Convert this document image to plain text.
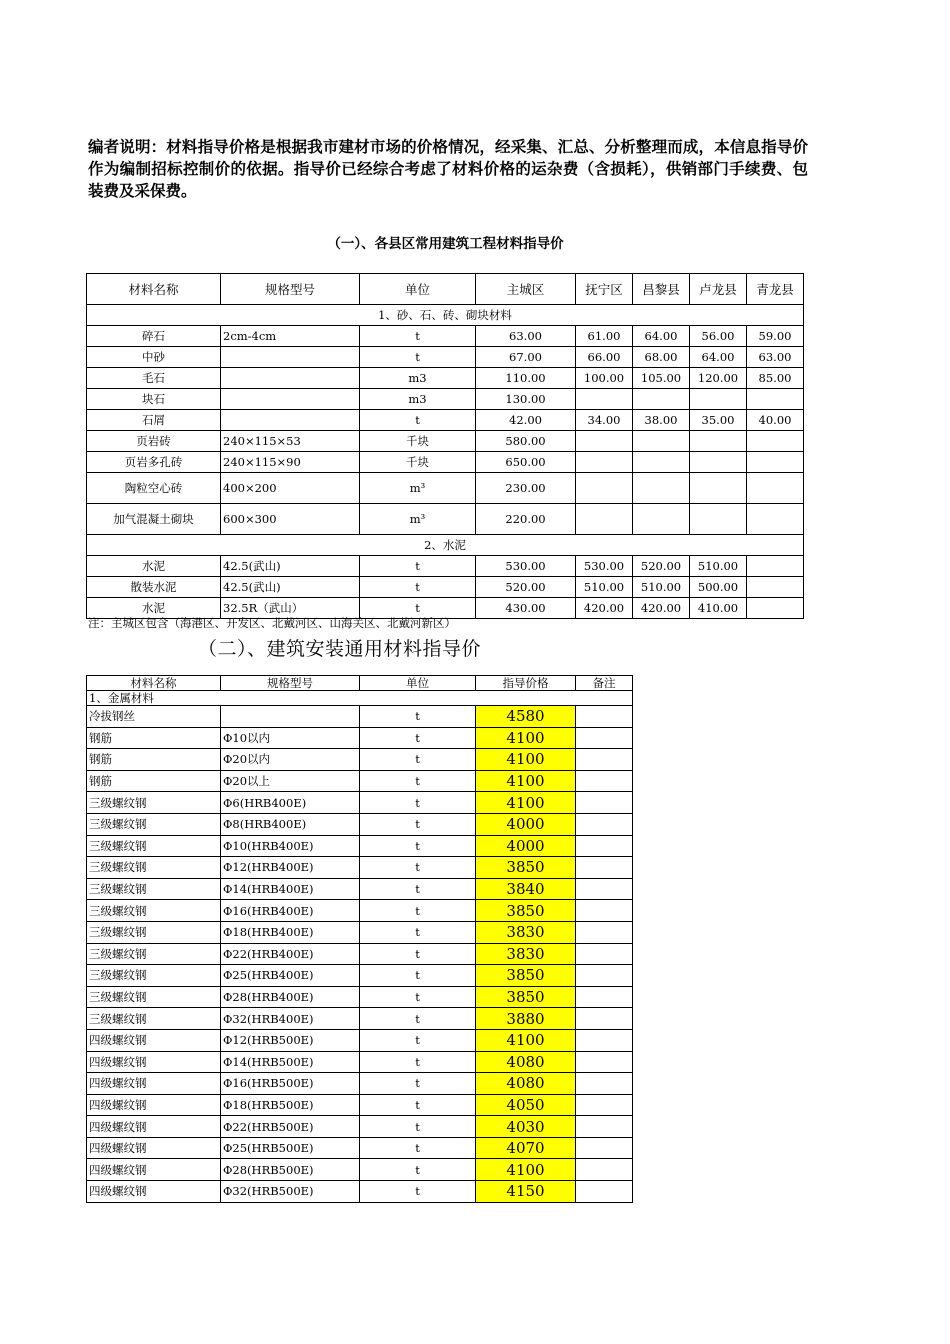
编者说明：材料指导价格是根据我市建材市场的价格情况，经采集、汇总、分析整理而成，本信息指导价作为编制招标控制价的依据。指导价已经综合考虑了材料价格的运杂费（含损耗），供销部门手续费、包装费及采保费。
（一）、各县区常用建筑工程材料指导价
材料名称	规格型号	单位	主城区	抚宁区	昌黎县	卢龙县	青龙县
1、砂、石、砖、砌块材料							
碎石	2cm-4cm	t	63.00	61.00	64.00	56.00	59.00
中砂		t	67.00	66.00	68.00	64.00	63.00
毛石		m3	110.00	100.00	105.00	120.00	85.00
块石		m3	130.00				
石屑		t	42.00	34.00	38.00	35.00	40.00
页岩砖	240×115×53	千块	580.00				
页岩多孔砖	240×115×90	千块	650.00				
陶粒空心砖	400×200	m³	230.00				
加气混凝土砌块	600×300	m³	220.00				
2、水泥							
水泥	42.5(武山)	t	530.00	530.00	520.00	510.00	
散装水泥	42.5(武山)	t	520.00	510.00	510.00	500.00	
水泥	32.5R（武山）	t	430.00	420.00	420.00	410.00	
注：主城区包含（海港区、开发区、北戴河区、山海关区、北戴河新区）
（二）、建筑安装通用材料指导价
材料名称	规格型号	单位	指导价格	备注
1、金属材料				
冷拔钢丝		t	4580	
钢筋	Φ10以内	t	4100	
钢筋	Φ20以内	t	4100	
钢筋	Φ20以上	t	4100	
三级螺纹钢	Φ6(HRB400E)	t	4100	
三级螺纹钢	Φ8(HRB400E)	t	4000	
三级螺纹钢	Φ10(HRB400E)	t	4000	
三级螺纹钢	Φ12(HRB400E)	t	3850	
三级螺纹钢	Φ14(HRB400E)	t	3840	
三级螺纹钢	Φ16(HRB400E)	t	3850	
三级螺纹钢	Φ18(HRB400E)	t	3830	
三级螺纹钢	Φ22(HRB400E)	t	3830	
三级螺纹钢	Φ25(HRB400E)	t	3850	
三级螺纹钢	Φ28(HRB400E)	t	3850	
三级螺纹钢	Φ32(HRB400E)	t	3880	
四级螺纹钢	Φ12(HRB500E)	t	4100	
四级螺纹钢	Φ14(HRB500E)	t	4080	
四级螺纹钢	Φ16(HRB500E)	t	4080	
四级螺纹钢	Φ18(HRB500E)	t	4050	
四级螺纹钢	Φ22(HRB500E)	t	4030	
四级螺纹钢	Φ25(HRB500E)	t	4070	
四级螺纹钢	Φ28(HRB500E)	t	4100	
四级螺纹钢	Φ32(HRB500E)	t	4150	
